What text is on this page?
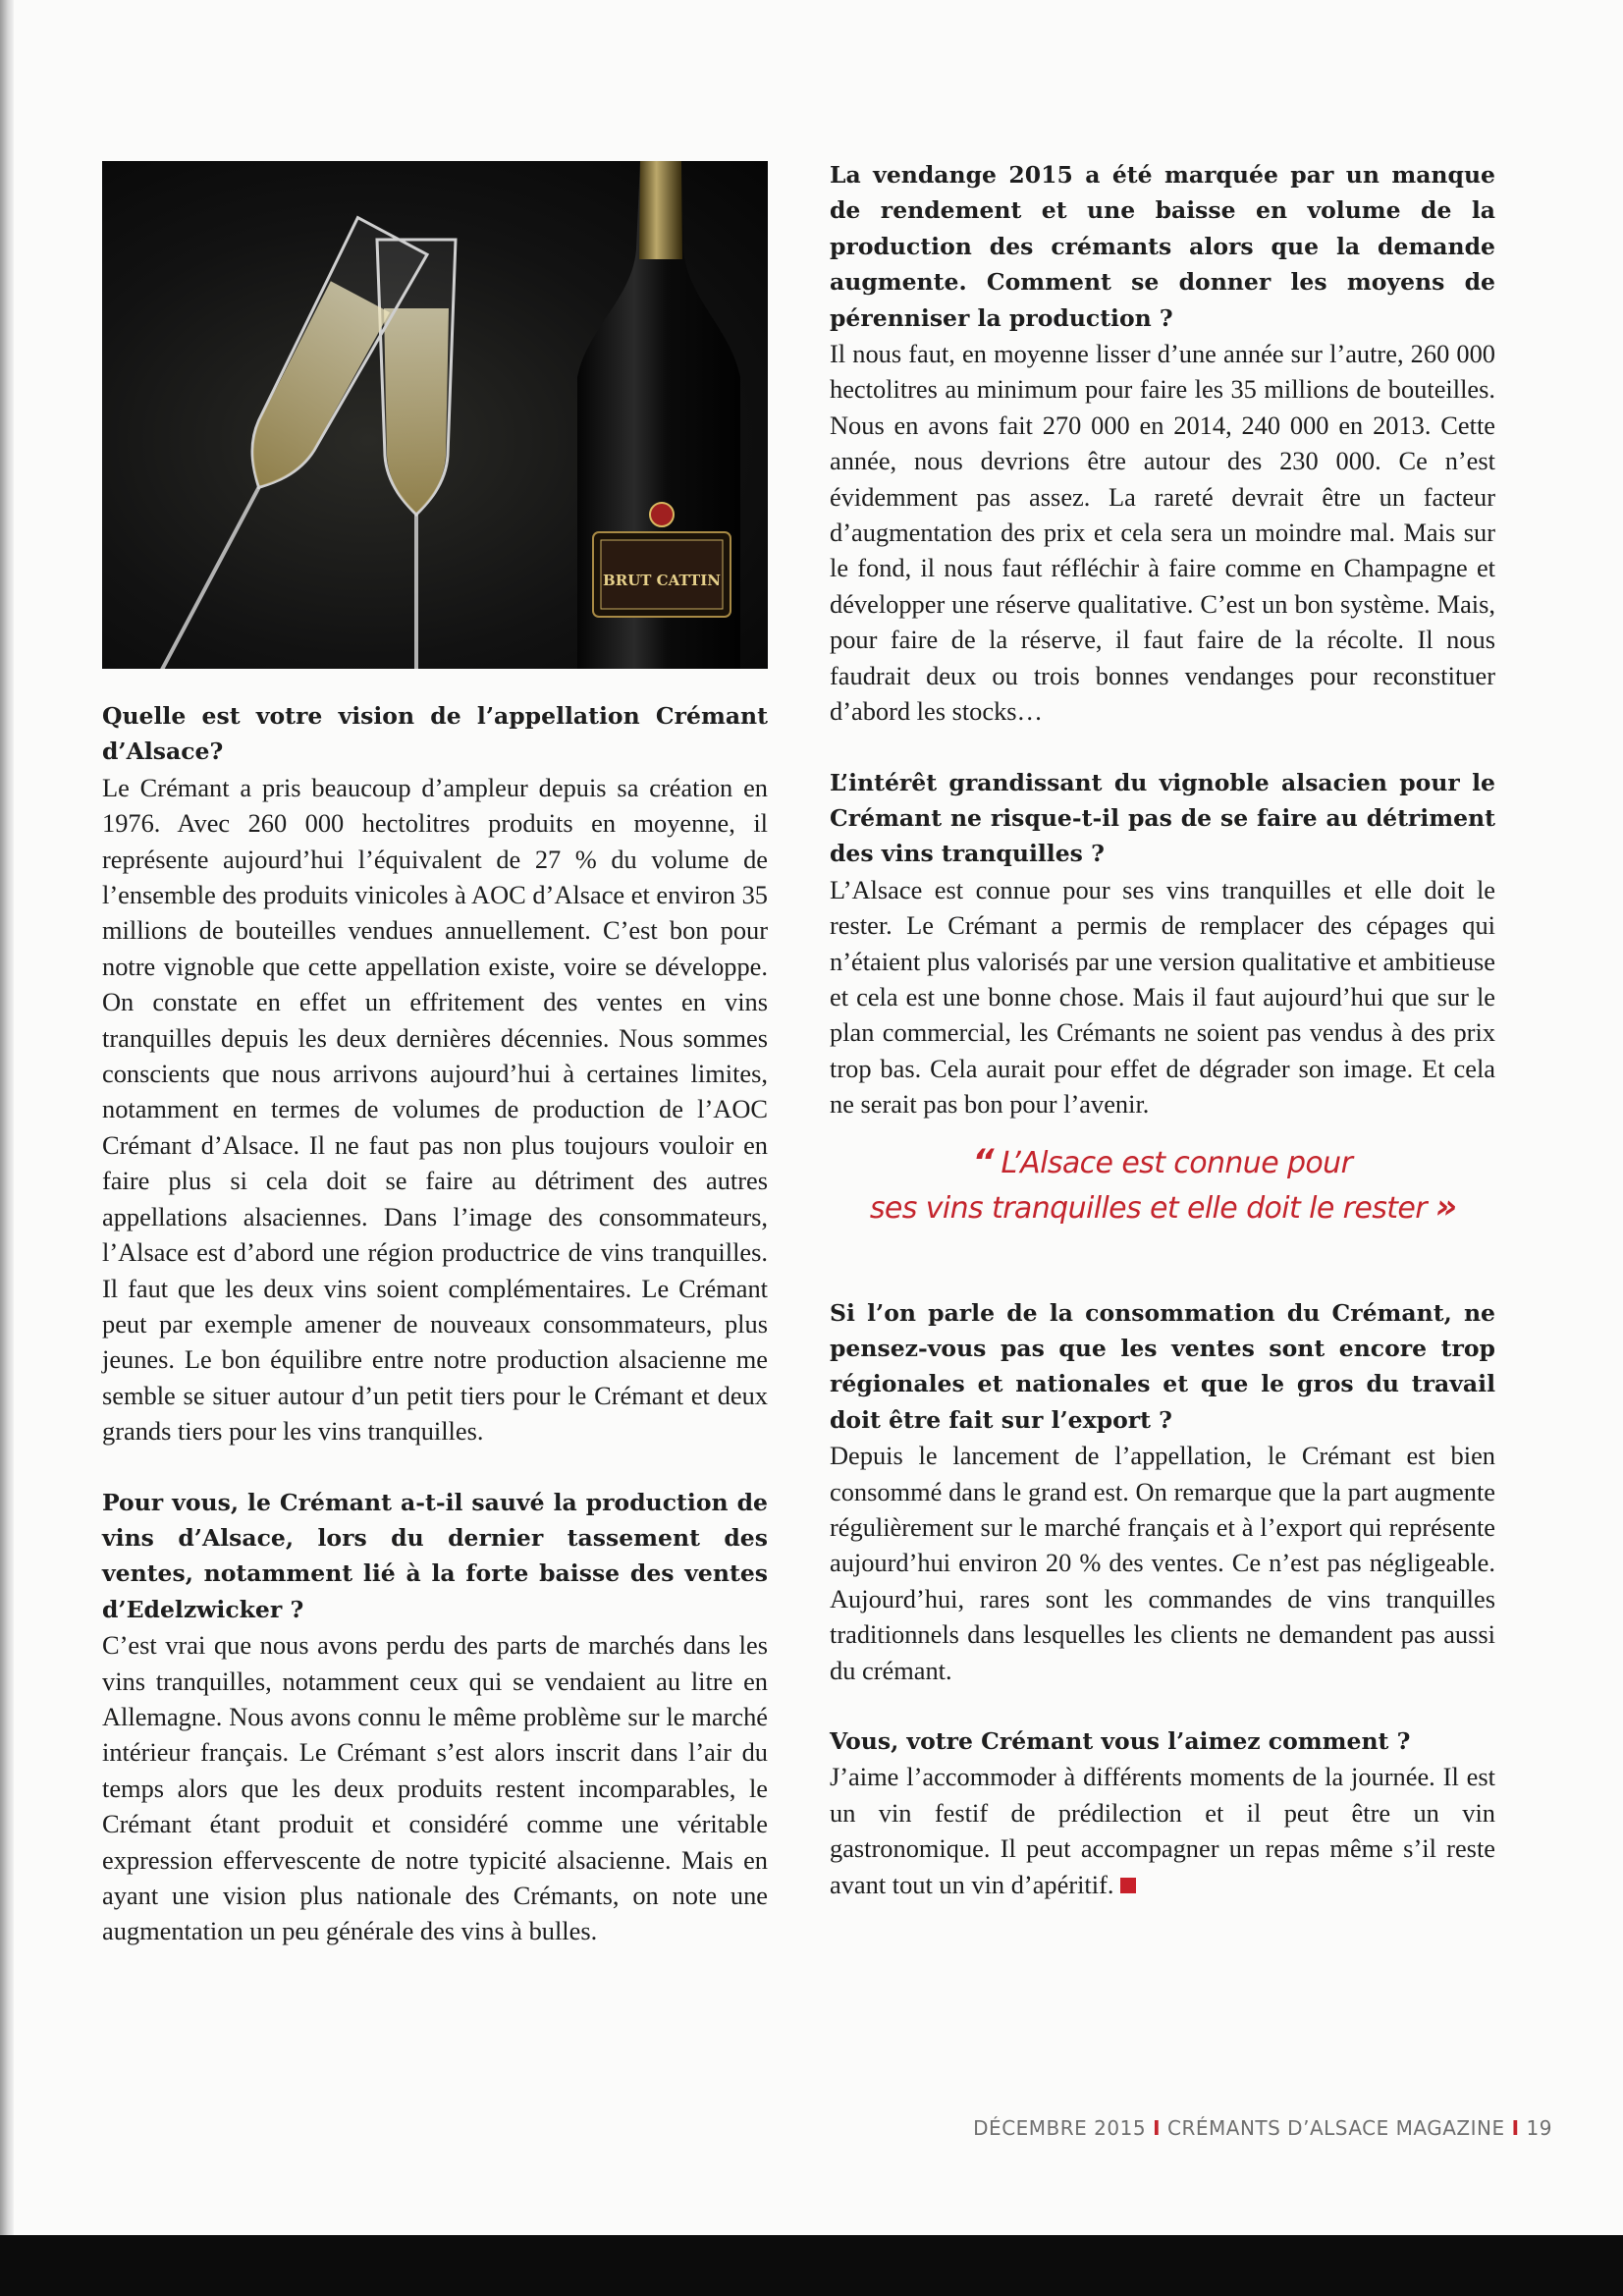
BRUT CATTIN

Quelle est votre vision de l’appellation Crémant d’Alsace?

Le Crémant a pris beaucoup d’ampleur depuis sa création en 1976. Avec 260 000 hectolitres produits en moyenne, il représente aujourd’hui l’équivalent de 27 % du volume de l’ensemble des produits vinicoles à AOC d’Alsace et environ 35 millions de bouteilles vendues annuellement. C’est bon pour notre vignoble que cette appellation existe, voire se développe. On constate en effet un effritement des ventes en vins tranquilles depuis les deux dernières décennies. Nous sommes conscients que nous arrivons aujourd’hui à certaines limites, notamment en termes de volumes de production de l’AOC Crémant d’Alsace. Il ne faut pas non plus toujours vouloir en faire plus si cela doit se faire au détriment des autres appellations alsaciennes. Dans l’image des consommateurs, l’Alsace est d’abord une région productrice de vins tranquilles. Il faut que les deux vins soient complémentaires. Le Crémant peut par exemple amener de nouveaux consommateurs, plus jeunes. Le bon équilibre entre notre production alsacienne me semble se situer autour d’un petit tiers pour le Crémant et deux grands tiers pour les vins tranquilles.

Pour vous, le Crémant a-t-il sauvé la production de vins d’Alsace, lors du dernier tassement des ventes, notamment lié à la forte baisse des ventes d’Edelzwicker ?

C’est vrai que nous avons perdu des parts de marchés dans les vins tranquilles, notamment ceux qui se vendaient au litre en Allemagne. Nous avons connu le même problème sur le marché intérieur français. Le Crémant s’est alors inscrit dans l’air du temps alors que les deux produits restent incomparables, le Crémant étant produit et considéré comme une véritable expression effervescente de notre typicité alsacienne. Mais en ayant une vision plus nationale des Crémants, on note une augmentation un peu générale des vins à bulles.

La vendange 2015 a été marquée par un manque de rendement et une baisse en volume de la production des crémants alors que la demande augmente. Comment se donner les moyens de pérenniser la production ?

Il nous faut, en moyenne lisser d’une année sur l’autre, 260 000 hectolitres au minimum pour faire les 35 millions de bouteilles. Nous en avons fait 270 000 en 2014, 240 000 en 2013. Cette année, nous devrions être autour des 230 000. Ce n’est évidemment pas assez. La rareté devrait être un facteur d’augmentation des prix et cela sera un moindre mal. Mais sur le fond, il nous faut réfléchir à faire comme en Champagne et développer une réserve qualitative. C’est un bon système. Mais, pour faire de la réserve, il faut faire de la récolte. Il nous faudrait deux ou trois bonnes vendanges pour reconstituer d’abord les stocks…

L’intérêt grandissant du vignoble alsacien pour le Crémant ne risque-t-il pas de se faire au détriment des vins tranquilles ?

L’Alsace est connue pour ses vins tranquilles et elle doit le rester. Le Crémant a permis de remplacer des cépages qui n’étaient plus valorisés par une version qualitative et ambitieuse et cela est une bonne chose. Mais il faut aujourd’hui que sur le plan commercial, les Crémants ne soient pas vendus à des prix trop bas. Cela aurait pour effet de dégrader son image. Et cela ne serait pas bon pour l’avenir.

“ L’Alsace est connue pour
ses vins tranquilles et elle doit le rester »

Si l’on parle de la consommation du Crémant, ne pensez-vous pas que les ventes sont encore trop régionales et nationales et que le gros du travail doit être fait sur l’export ?

Depuis le lancement de l’appellation, le Crémant est bien consommé dans le grand est. On remarque que la part augmente régulièrement sur le marché français et à l’export qui représente aujourd’hui environ 20 % des ventes. Ce n’est pas négligeable. Aujourd’hui, rares sont les commandes de vins tranquilles traditionnels dans lesquelles les clients ne demandent pas aussi du crémant.

Vous, votre Crémant vous l’aimez comment ?

J’aime l’accommoder à différents moments de la journée. Il est un vin festif de prédilection et il peut être un vin gastronomique. Il peut accompagner un repas même s’il reste avant tout un vin d’apéritif.

DÉCEMBRE 2015 I CRÉMANTS D’ALSACE MAGAZINE I 19
